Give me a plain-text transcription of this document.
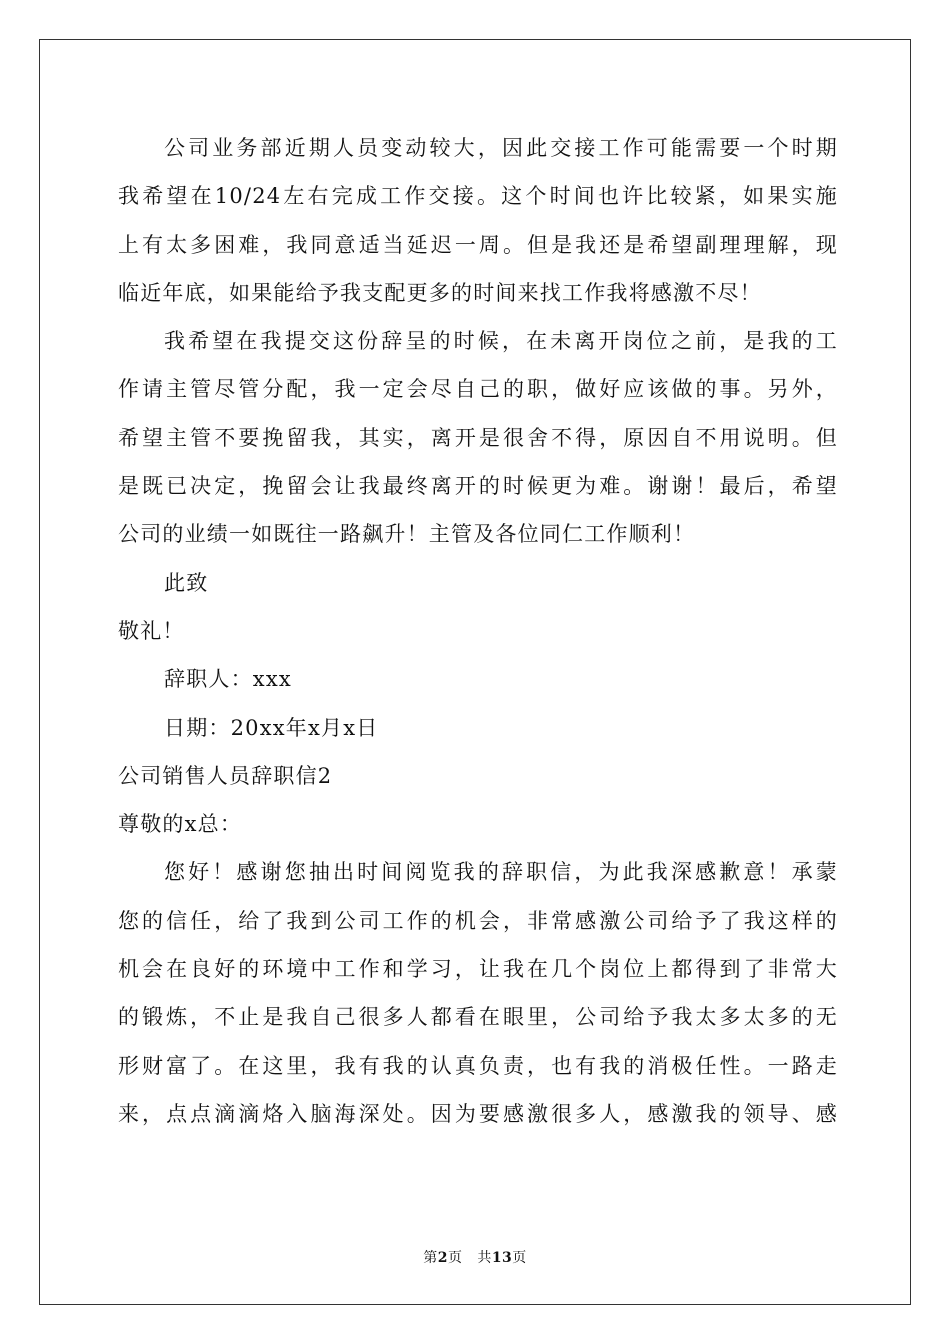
公司业务部近期人员变动较大，因此交接工作可能需要一个时期
我希望在10/24左右完成工作交接。这个时间也许比较紧，如果实施
上有太多困难，我同意适当延迟一周。但是我还是希望副理理解，现
临近年底，如果能给予我支配更多的时间来找工作我将感激不尽！
我希望在我提交这份辞呈的时候，在未离开岗位之前，是我的工
作请主管尽管分配，我一定会尽自己的职，做好应该做的事。另外，
希望主管不要挽留我，其实，离开是很舍不得，原因自不用说明。但
是既已决定，挽留会让我最终离开的时候更为难。谢谢！最后，希望
公司的业绩一如既往一路飙升！主管及各位同仁工作顺利！
此致
敬礼！
辞职人：xxx
日期：20xx年x月x日
公司销售人员辞职信2
尊敬的x总：
您好！感谢您抽出时间阅览我的辞职信，为此我深感歉意！承蒙
您的信任，给了我到公司工作的机会，非常感激公司给予了我这样的
机会在良好的环境中工作和学习，让我在几个岗位上都得到了非常大
的锻炼，不止是我自己很多人都看在眼里，公司给予我太多太多的无
形财富了。在这里，我有我的认真负责，也有我的消极任性。一路走
来，点点滴滴烙入脑海深处。因为要感激很多人，感激我的领导、感
第2页 共13页
